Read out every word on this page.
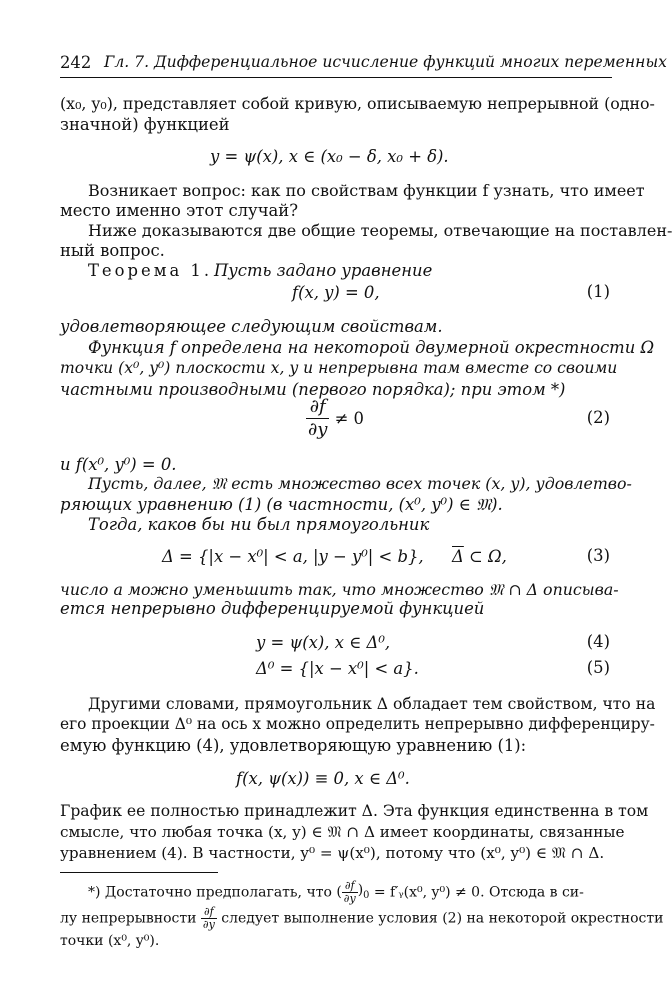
242 Гл. 7. Дифференциальное исчисление функций многих переменных
(x₀, y₀), представляет собой кривую, описываемую непрерывной (одно-
значной) функцией
y = ψ(x), x ∈ (x₀ − δ, x₀ + δ).
Возникает вопрос: как по свойствам функции f узнать, что имеет
место именно этот случай?
Ниже доказываются две общие теоремы, отвечающие на поставлен-
ный вопрос.
Теорема 1. Пусть задано уравнение
f(x, y) = 0,	(1)
удовлетворяющее следующим свойствам.
Функция f определена на некоторой двумерной окрестности Ω
точки (x⁰, y⁰) плоскости x, y и непрерывна там вместе со своими
частными производными (первого порядка); при этом *)
$\frac{\partial f}{\partial y} \ne 0$	(2)
и f(x⁰, y⁰) = 0.
Пусть, далее, 𝔐 есть множество всех точек (x, y), удовлетво-
ряющих уравнению (1) (в частности, (x⁰, y⁰) ∈ 𝔐).
Тогда, каков бы ни был прямоугольник
Δ = {|x − x⁰| < a, |y − y⁰| < b}, $\overline{\Delta}$ ⊂ Ω,	(3)
число a можно уменьшить так, что множество 𝔐 ∩ Δ описыва-
ется непрерывно дифференцируемой функцией
y = ψ(x), x ∈ Δ⁰,	(4)
Δ⁰ = {|x − x⁰| < a}.	(5)
Другими словами, прямоугольник Δ обладает тем свойством, что на
его проекции Δ⁰ на ось x можно определить непрерывно дифференциру-
емую функцию (4), удовлетворяющую уравнению (1):
f(x, ψ(x)) ≡ 0, x ∈ Δ⁰.
График ее полностью принадлежит Δ. Эта функция единственна в том
смысле, что любая точка (x, y) ∈ 𝔐 ∩ Δ имеет координаты, связанные
уравнением (4). В частности, y⁰ = ψ(x⁰), потому что (x⁰, y⁰) ∈ 𝔐 ∩ Δ.
*) Достаточно предполагать, что ( $\frac{\partial f}{\partial y} )_0$ = f′ᵧ(x⁰, y⁰) ≠ 0. Отсюда в си-
лу непрерывности $\frac{\partial f}{\partial y}$ следует выполнение условия (2) на некоторой окрестности
точки (x⁰, y⁰).
